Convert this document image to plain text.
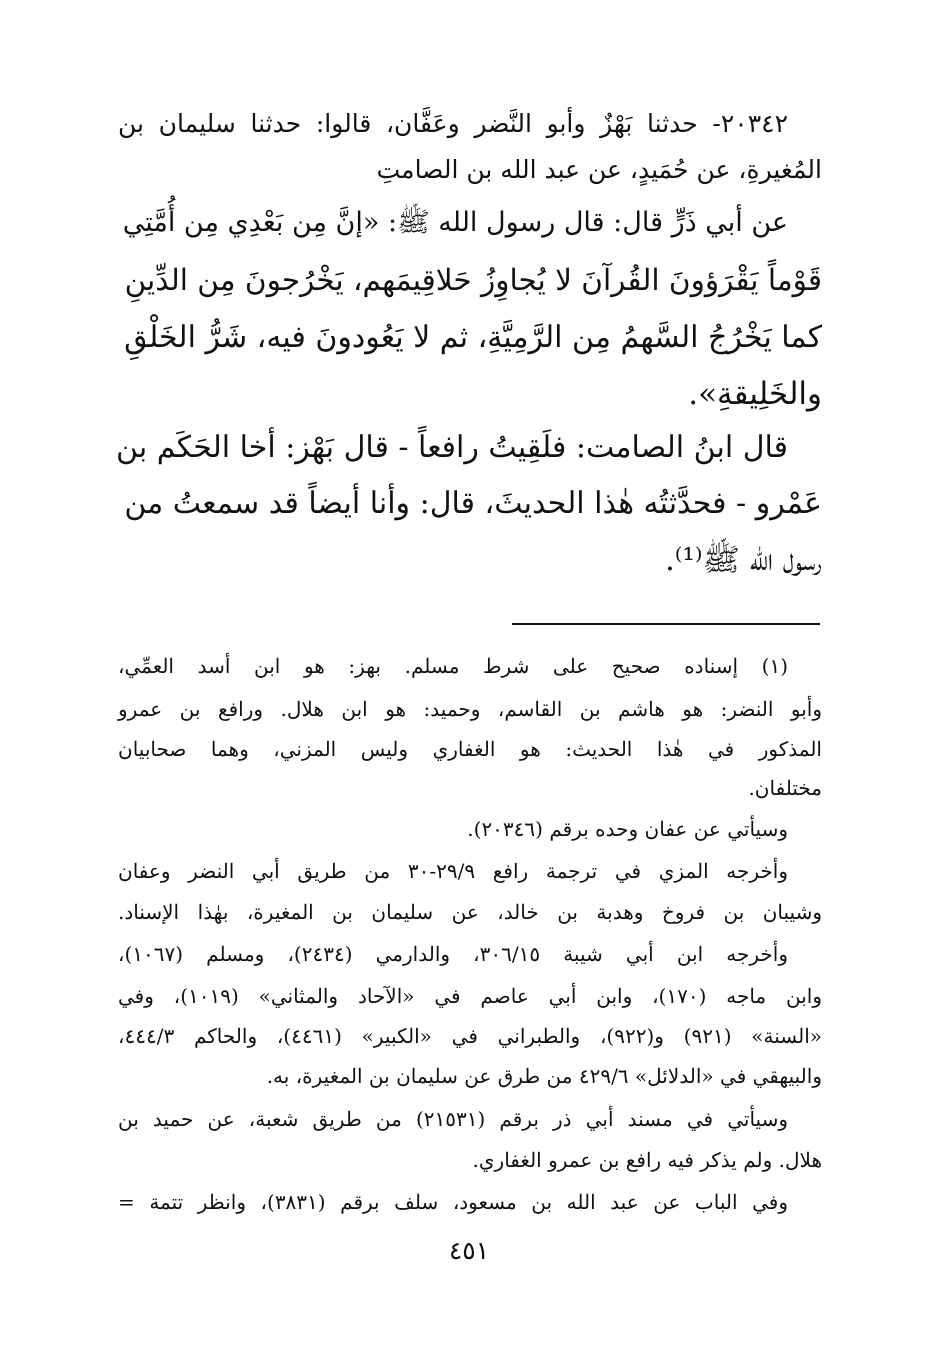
٢٠٣٤٢- حدثنا بَهْزٌ وأبو النَّضر وعَفَّان، قالوا: حدثنا سليمان بن
المُغيرةِ، عن حُمَيدٍ، عن عبد الله بن الصامتِ
عن أبي ذَرٍّ قال: قال رسول الله ﷺ: «إنَّ مِن بَعْدِي مِن أُمَّتِي
قَوْماً يَقْرَؤونَ القُرآنَ لا يُجاوِزُ حَلاقِيمَهم، يَخْرُجونَ مِن الدِّينِ
كما يَخْرُجُ السَّهمُ مِن الرَّمِيَّةِ، ثم لا يَعُودونَ فيه، شَرُّ الخَلْقِ
والخَلِيقةِ».
قال ابنُ الصامت: فلَقِيتُ رافعاً - قال بَهْز: أخا الحَكَم بن
عَمْرو - فحدَّثتُه هٰذا الحديثَ، قال: وأنا أيضاً قد سمعتُ من
رسول الله ﷺ⁽¹⁾.
(١) إسناده صحيح على شرط مسلم. بهز: هو ابن أسد العمِّي،
وأبو النضر: هو هاشم بن القاسم، وحميد: هو ابن هلال. ورافع بن عمرو
المذكور في هٰذا الحديث: هو الغفاري وليس المزني، وهما صحابيان
مختلفان.
وسيأتي عن عفان وحده برقم (٢٠٣٤٦).
وأخرجه المزي في ترجمة رافع ٢٩/٩-٣٠ من طريق أبي النضر وعفان
وشيبان بن فروخ وهدبة بن خالد، عن سليمان بن المغيرة، بهٰذا الإسناد.
وأخرجه ابن أبي شيبة ٣٠٦/١٥، والدارمي (٢٤٣٤)، ومسلم (١٠٦٧)،
وابن ماجه (١٧٠)، وابن أبي عاصم في «الآحاد والمثاني» (١٠١٩)، وفي
«السنة» (٩٢١) و(٩٢٢)، والطبراني في «الكبير» (٤٤٦١)، والحاكم ٤٤٤/٣،
والبيهقي في «الدلائل» ٤٢٩/٦ من طرق عن سليمان بن المغيرة، به.
وسيأتي في مسند أبي ذر برقم (٢١٥٣١) من طريق شعبة، عن حميد بن
هلال. ولم يذكر فيه رافع بن عمرو الغفاري.
وفي الباب عن عبد الله بن مسعود، سلف برقم (٣٨٣١)، وانظر تتمة =
٤٥١
